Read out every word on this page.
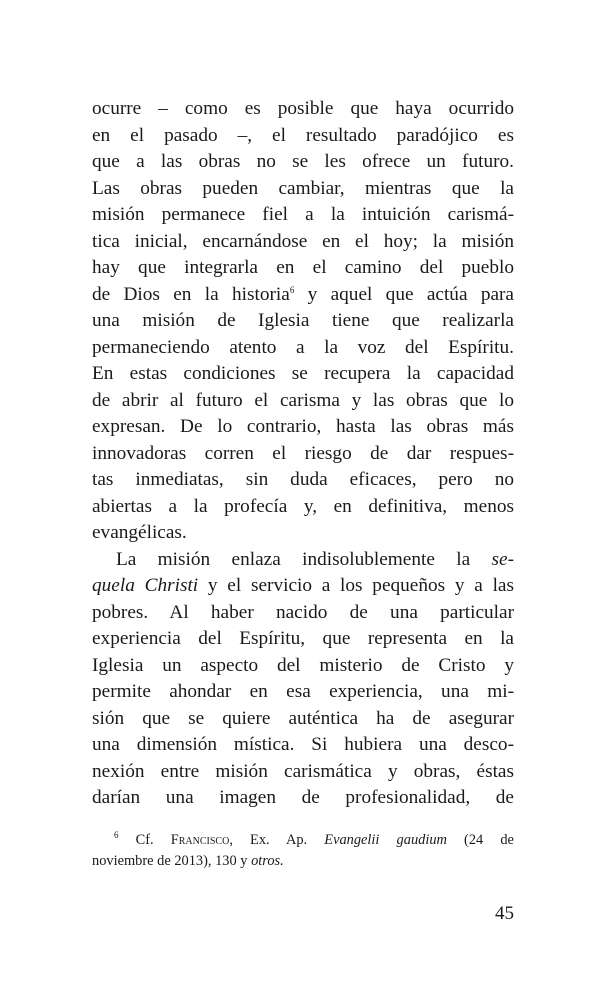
ocurre – como es posible que haya ocurrido
en el pasado –, el resultado paradójico es
que a las obras no se les ofrece un futuro.
Las obras pueden cambiar, mientras que la
misión permanece fiel a la intuición carismá-
tica inicial, encarnándose en el hoy; la misión
hay que integrarla en el camino del pueblo
de Dios en la historia$^6$ y aquel que actúa para
una misión de Iglesia tiene que realizarla
permaneciendo atento a la voz del Espíritu.
En estas condiciones se recupera la capacidad
de abrir al futuro el carisma y las obras que lo
expresan. De lo contrario, hasta las obras más
innovadoras corren el riesgo de dar respues-
tas inmediatas, sin duda eficaces, pero no
abiertas a la profecía y, en definitiva, menos
evangélicas.
La misión enlaza indisolublemente la se-
quela Christi y el servicio a los pequeños y a las
pobres. Al haber nacido de una particular
experiencia del Espíritu, que representa en la
Iglesia un aspecto del misterio de Cristo y
permite ahondar en esa experiencia, una mi-
sión que se quiere auténtica ha de asegurar
una dimensión mística. Si hubiera una desco-
nexión entre misión carismática y obras, éstas
darían una imagen de profesionalidad, de
$^6$ Cf. Francisco, Ex. Ap. Evangelii gaudium (24 de
noviembre de 2013), 130 y otros.
45
